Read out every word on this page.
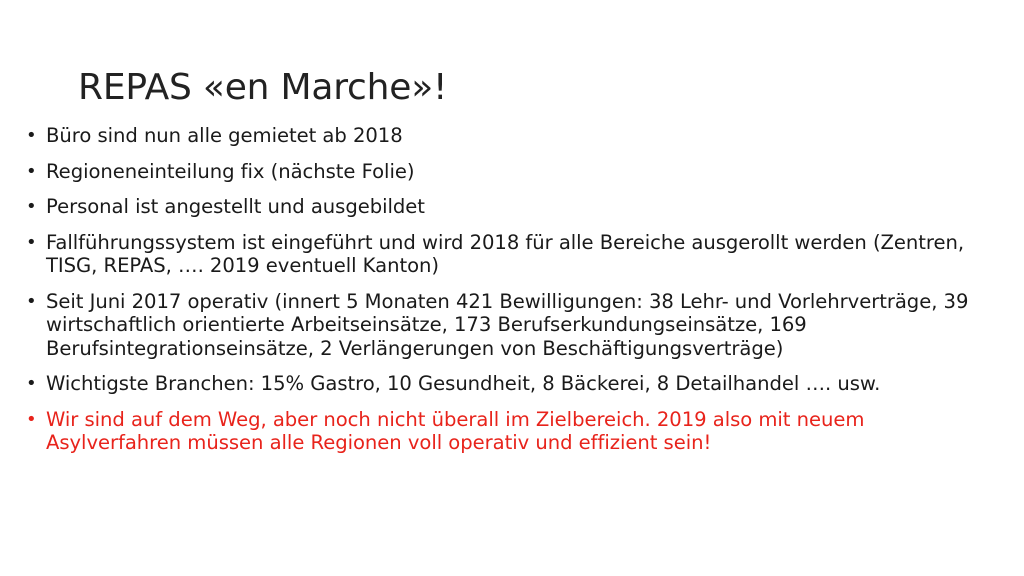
REPAS «en Marche»!
• Büro sind nun alle gemietet ab 2018
• Regioneneinteilung fix (nächste Folie)
• Personal ist angestellt und ausgebildet
• Fallführungssystem ist eingeführt und wird 2018 für alle Bereiche ausgerollt werden (Zentren, TISG, REPAS, …. 2019 eventuell Kanton)
• Seit Juni 2017 operativ (innert 5 Monaten 421 Bewilligungen: 38 Lehr- und Vorlehrverträge, 39 wirtschaftlich orientierte Arbeitseinsätze, 173 Berufserkundungseinsätze, 169 Berufsintegrationseinsätze, 2 Verlängerungen von Beschäftigungsverträge)
• Wichtigste Branchen: 15% Gastro, 10 Gesundheit, 8 Bäckerei, 8 Detailhandel …. usw.
• Wir sind auf dem Weg, aber noch nicht überall im Zielbereich. 2019 also mit neuem Asylverfahren müssen alle Regionen voll operativ und effizient sein!
